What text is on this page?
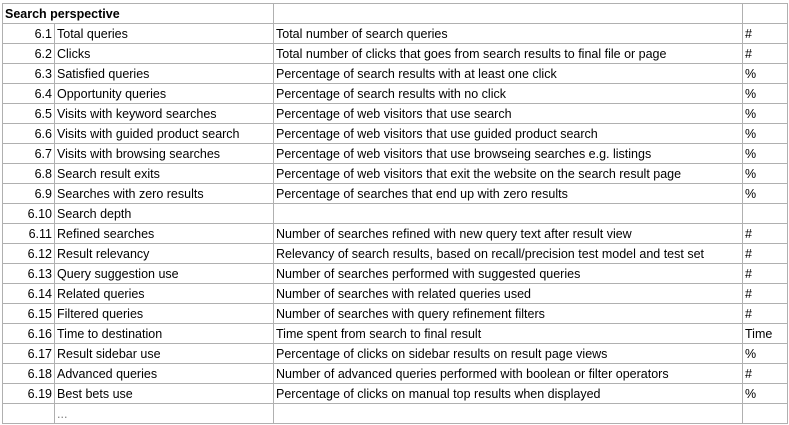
Search perspective			
6.1	Total queries	Total number of search queries	#
6.2	Clicks	Total number of clicks that goes from search results to final file or page	#
6.3	Satisfied queries	Percentage of search results with at least one click	%
6.4	Opportunity queries	Percentage of search results with no click	%
6.5	Visits with keyword searches	Percentage of web visitors that use search	%
6.6	Visits with guided product search	Percentage of web visitors that use guided product search	%
6.7	Visits with browsing searches	Percentage of web visitors that use browseing searches e.g. listings	%
6.8	Search result exits	Percentage of web visitors that exit the website on the search result page	%
6.9	Searches with zero results	Percentage of searches that end up with zero results	%
6.10	Search depth		
6.11	Refined searches	Number of searches refined with new query text after result view	#
6.12	Result relevancy	Relevancy of search results, based on recall/precision test model and test set	#
6.13	Query suggestion use	Number of searches performed with suggested queries	#
6.14	Related queries	Number of searches with related queries used	#
6.15	Filtered queries	Number of searches with query refinement filters	#
6.16	Time to destination	Time spent from search to final result	Time
6.17	Result sidebar use	Percentage of clicks on sidebar results on result page views	%
6.18	Advanced queries	Number of advanced queries performed with boolean or filter operators	#
6.19	Best bets use	Percentage of clicks on manual top results when displayed	%
	...		
